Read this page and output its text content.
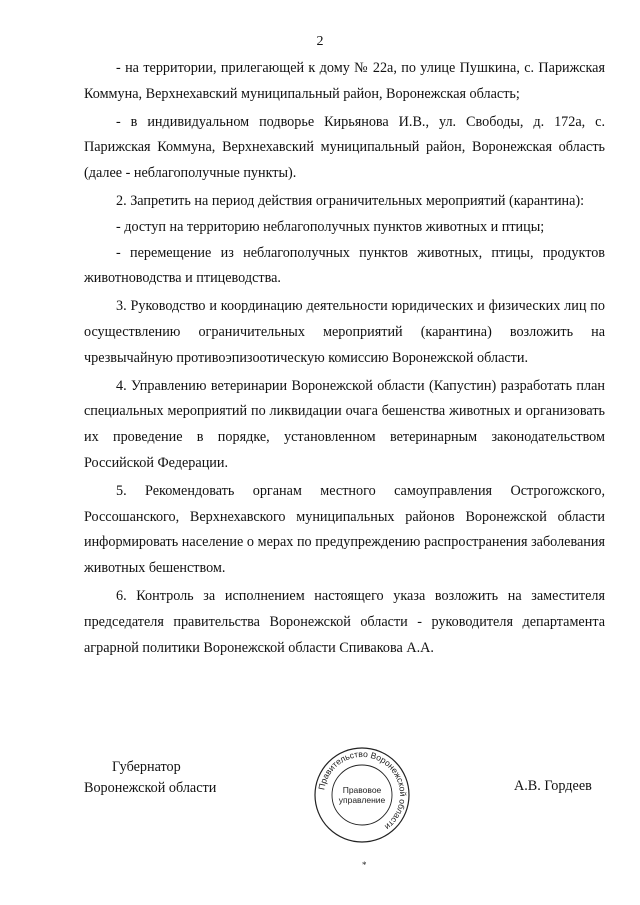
2

- на территории, прилегающей к дому № 22а, по улице Пушкина, с. Парижская Коммуна, Верхнехавский муниципальный район, Воронежская область;

- в индивидуальном подворье Кирьянова И.В., ул. Свободы, д. 172а, с. Парижская Коммуна, Верхнехавский муниципальный район, Воронежская область (далее - неблагополучные пункты).

2. Запретить на период действия ограничительных мероприятий (карантина):

- доступ на территорию неблагополучных пунктов животных и птицы;

- перемещение из неблагополучных пунктов животных, птицы, продуктов животноводства и птицеводства.

3. Руководство и координацию деятельности юридических и физических лиц по осуществлению ограничительных мероприятий (карантина) возложить на чрезвычайную противоэпизоотическую комиссию Воронежской области.

4. Управлению ветеринарии Воронежской области (Капустин) разработать план специальных мероприятий по ликвидации очага бешенства животных и организовать их проведение в порядке, установленном ветеринарным законодательством Российской Федерации.

5. Рекомендовать органам местного самоуправления Острогожского, Россошанского, Верхнехавского муниципальных районов Воронежской области информировать население о мерах по предупреждению распространения заболевания животных бешенством.

6. Контроль за исполнением настоящего указа возложить на заместителя председателя правительства Воронежской области - руководителя департамента аграрной политики Воронежской области Спивакова А.А.

Губернатор
Воронежской области	Правительство Воронежской области
Правовое
управление
*
А.В. Гордеев
